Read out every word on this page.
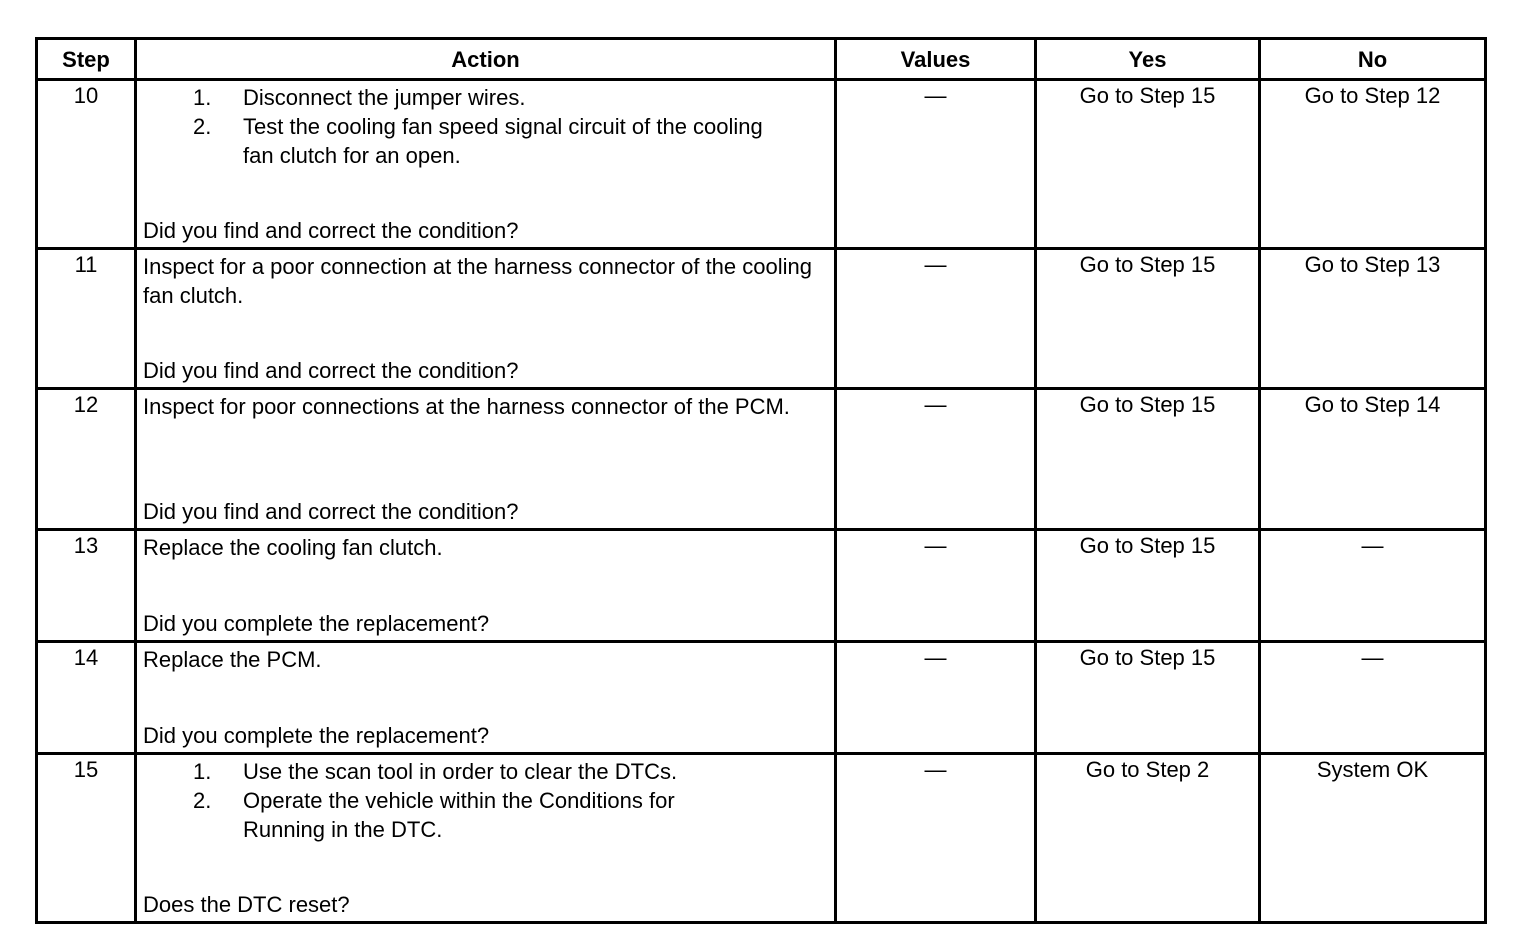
Step	Action	Values	Yes	No
10	1. Disconnect the jumper wires.
2. Test the cooling fan speed signal circuit of the cooling fan clutch for an open.
Did you find and correct the condition?	—	Go to Step 15	Go to Step 12
11	Inspect for a poor connection at the harness connector of the cooling fan clutch.
Did you find and correct the condition?	—	Go to Step 15	Go to Step 13
12	Inspect for poor connections at the harness connector of the PCM.
Did you find and correct the condition?	—	Go to Step 15	Go to Step 14
13	Replace the cooling fan clutch.
Did you complete the replacement?	—	Go to Step 15	—
14	Replace the PCM.
Did you complete the replacement?	—	Go to Step 15	—
15	1. Use the scan tool in order to clear the DTCs.
2. Operate the vehicle within the Conditions for Running in the DTC.
Does the DTC reset?	—	Go to Step 2	System OK
